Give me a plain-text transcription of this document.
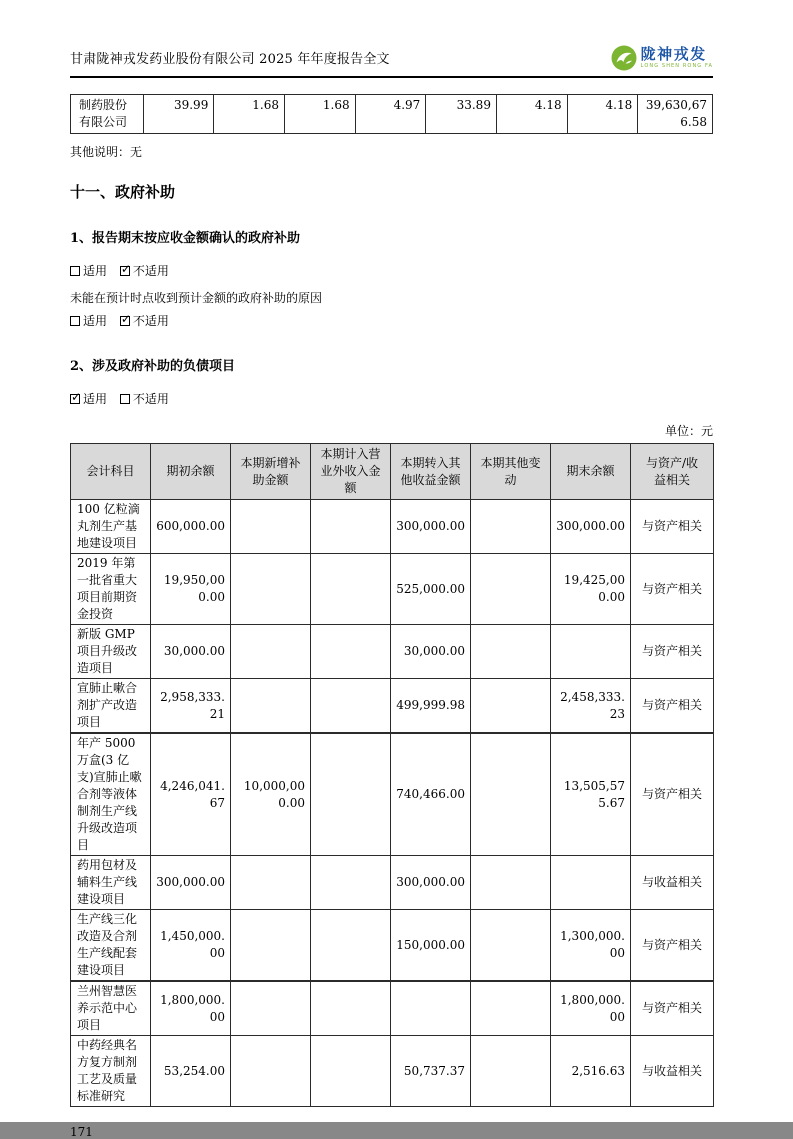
甘肃陇神戎发药业股份有限公司 2025 年年度报告全文	陇神戎发
LONG SHEN RONG FA
制药股份有限公司	39.99	1.68	1.68	4.97	33.89	4.18	4.18	39,630,676.58
其他说明：无
十一、政府补助
1、报告期末按应收金额确认的政府补助
适用 ✓ 不适用
未能在预计时点收到预计金额的政府补助的原因
适用 ✓ 不适用
2、涉及政府补助的负债项目
✓适用 不适用
单位：元
会计科目	期初余额	本期新增补助金额	本期计入营业外收入金额	本期转入其他收益金额	本期其他变动	期末余额	与资产/收益相关
100 亿粒滴丸剂生产基地建设项目	600,000.00			300,000.00		300,000.00	与资产相关
2019 年第一批省重大项目前期资金投资	19,950,000.00			525,000.00		19,425,000.00	与资产相关
新版 GMP 项目升级改造项目	30,000.00			30,000.00			与资产相关
宣肺止嗽合剂扩产改造项目	2,958,333.21			499,999.98		2,458,333.23	与资产相关
年产 5000 万盒(3 亿支)宣肺止嗽合剂等液体制剂生产线升级改造项目	4,246,041.67	10,000,000.00		740,466.00		13,505,575.67	与资产相关
药用包材及辅料生产线建设项目	300,000.00			300,000.00			与收益相关
生产线三化改造及合剂生产线配套建设项目	1,450,000.00			150,000.00		1,300,000.00	与资产相关
兰州智慧医养示范中心项目	1,800,000.00					1,800,000.00	与资产相关
中药经典名方复方制剂工艺及质量标准研究	53,254.00			50,737.37		2,516.63	与收益相关
171
